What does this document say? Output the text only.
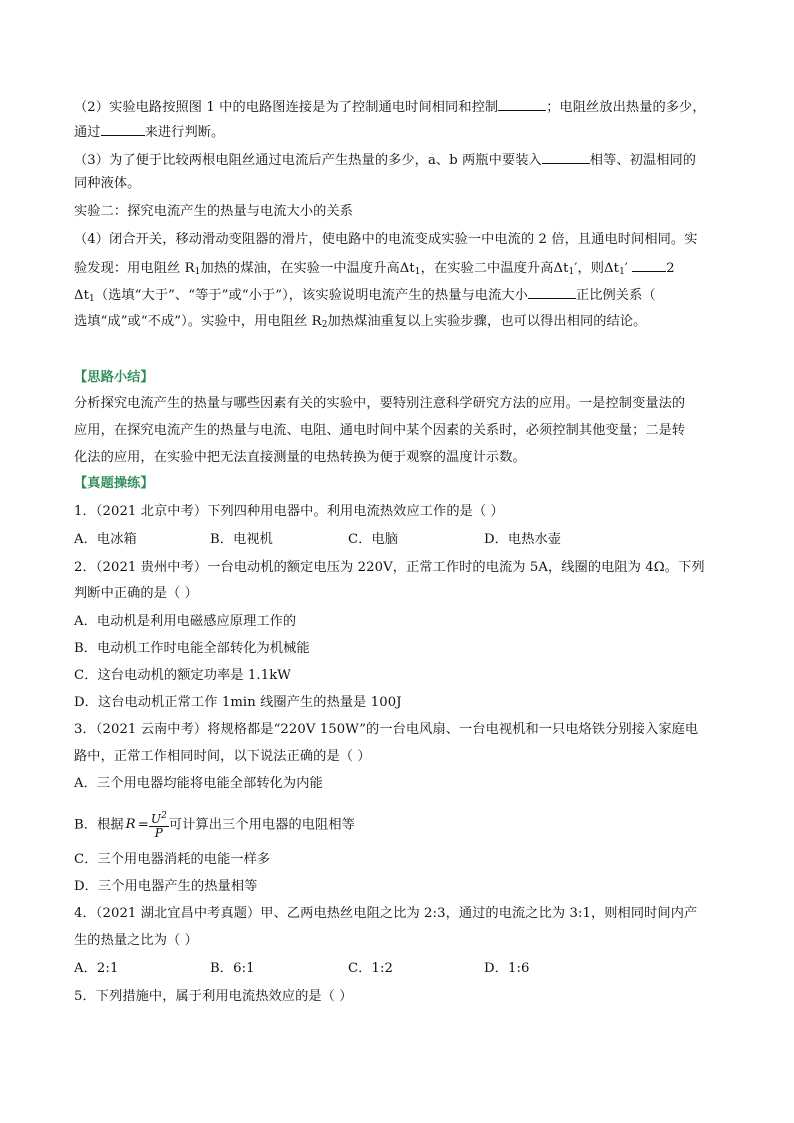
（2）实验电路按照图 1 中的电路图连接是为了控制通电时间相同和控制	；电阻丝放出热量的多少，
通过	来进行判断。
（3）为了便于比较两根电阻丝通过电流后产生热量的多少，a、b 两瓶中要装入	相等、初温相同的
同种液体。
实验二：探究电流产生的热量与电流大小的关系
（4）闭合开关，移动滑动变阻器的滑片，使电路中的电流变成实验一中电流的 2 倍，且通电时间相同。实
验发现：用电阻丝 $R_1$加热的煤油，在实验一中温度升高$\Delta t_1$，在实验二中温度升高$\Delta t_1'$，则$\Delta t_1'$	2
$\Delta t_1$（选填“大于”、“等于”或“小于”），该实验说明电流产生的热量与电流大小	正比例关系（
选填“成”或“不成”）。实验中，用电阻丝 $R_2$加热煤油重复以上实验步骤，也可以得出相同的结论。
【思路小结】
分析探究电流产生的热量与哪些因素有关的实验中，要特别注意科学研究方法的应用。一是控制变量法的
应用，在探究电流产生的热量与电流、电阻、通电时间中某个因素的关系时，必须控制其他变量；二是转
化法的应用，在实验中把无法直接测量的电热转换为便于观察的温度计示数。
【真题操练】
1．（2021 北京中考）下列四种用电器中。利用电流热效应工作的是（ ）
A．电冰箱	B．电视机	C．电脑	D．电热水壶
2．（2021 贵州中考）一台电动机的额定电压为 220V，正常工作时的电流为 5A，线圈的电阻为 4Ω。下列
判断中正确的是（ ）
A．电动机是利用电磁感应原理工作的
B．电动机工作时电能全部转化为机械能
C．这台电动机的额定功率是 1.1kW
D．这台电动机正常工作 1min 线圈产生的热量是 100J
3．（2021 云南中考）将规格都是“220V 150W”的一台电风扇、一台电视机和一只电烙铁分别接入家庭电
路中，正常工作相同时间，以下说法正确的是（ ）
A．三个用电器均能将电能全部转化为内能
B．根据 $R = \frac{U^2}{P}$ 可计算出三个用电器的电阻相等
C．三个用电器消耗的电能一样多
D．三个用电器产生的热量相等
4．（2021 湖北宜昌中考真题）甲、乙两电热丝电阻之比为 2:3，通过的电流之比为 3:1，则相同时间内产
生的热量之比为（ ）
A．2:1	B．6:1	C．1:2	D．1:6
5．下列措施中，属于利用电流热效应的是（ ）
